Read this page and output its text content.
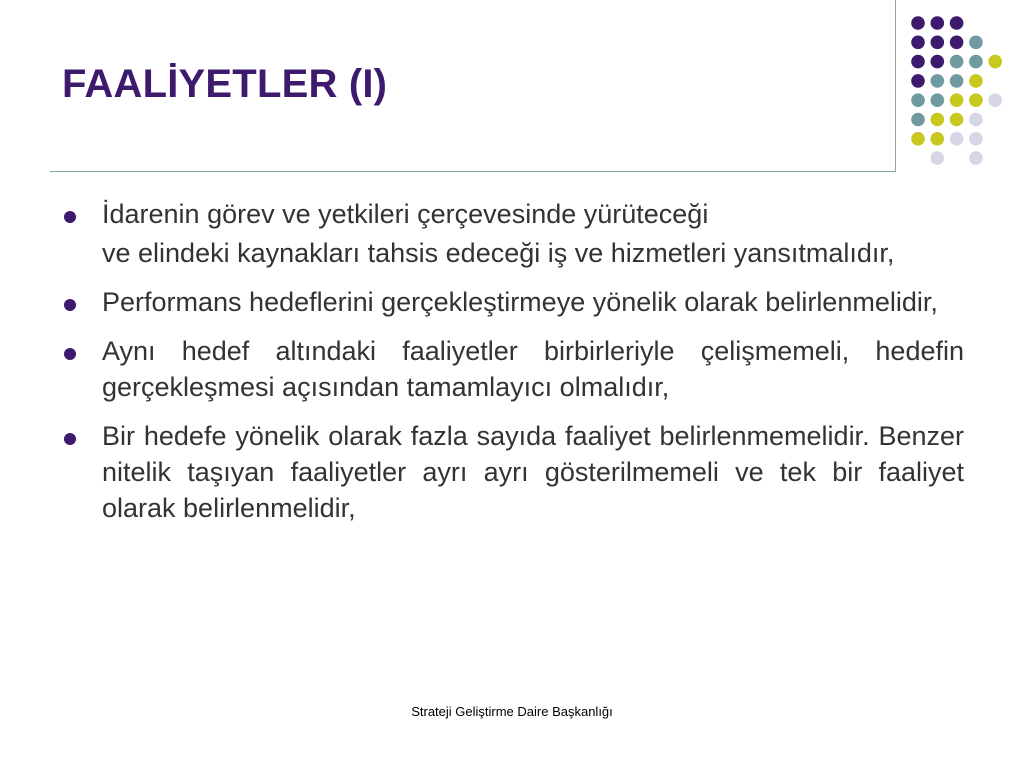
FAALİYETLER (I)

İdarenin görev ve yetkileri çerçevesinde yürüteceği

ve elindeki kaynakları tahsis edeceği iş ve hizmetleri yansıtmalıdır,

Performans hedeflerini gerçekleştirmeye yönelik olarak belirlenmelidir,

Aynı hedef altındaki faaliyetler birbirleriyle çelişmemeli, hedefin gerçekleşmesi açısından tamamlayıcı olmalıdır,

Bir hedefe yönelik olarak fazla sayıda faaliyet belirlenmemelidir. Benzer nitelik taşıyan faaliyetler ayrı ayrı gösterilmemeli ve tek bir faaliyet olarak belirlenmelidir,

Strateji Geliştirme Daire Başkanlığı
